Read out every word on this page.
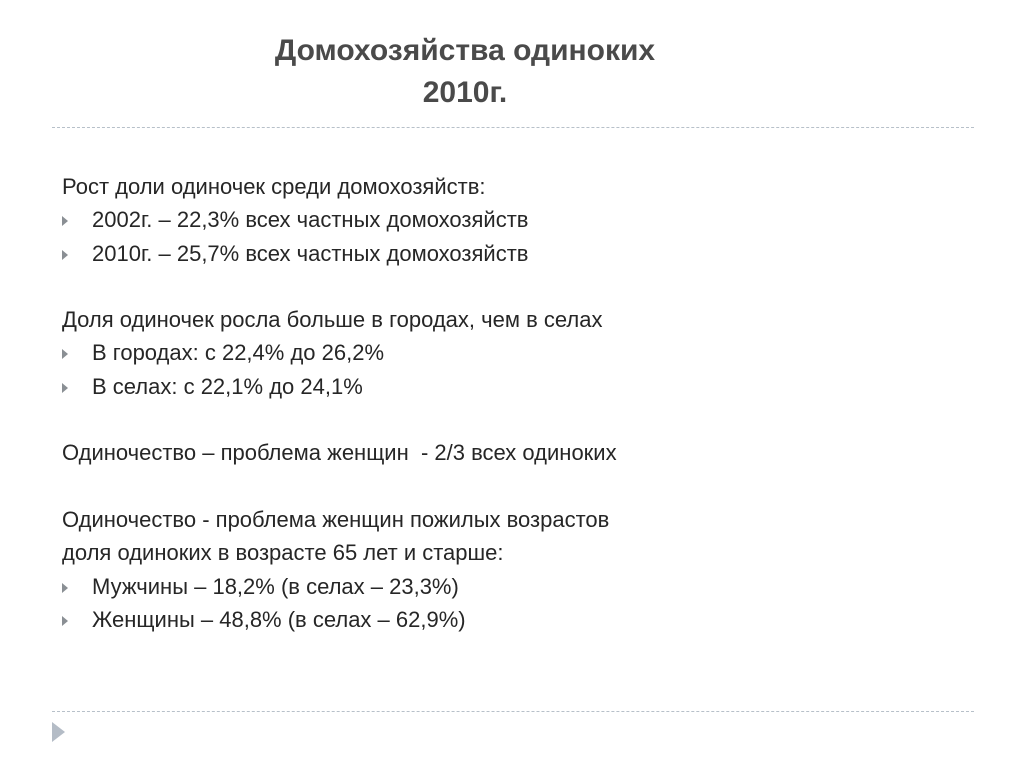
Домохозяйства одиноких
2010г.
Рост доли одиночек среди домохозяйств:
2002г. – 22,3% всех частных домохозяйств
2010г. – 25,7% всех частных домохозяйств
Доля одиночек росла больше в городах, чем в селах
В городах: с 22,4% до 26,2%
В селах: с 22,1% до 24,1%
Одиночество – проблема женщин  - 2/3 всех одиноких
Одиночество - проблема женщин пожилых возрастов
доля одиноких в возрасте 65 лет и старше:
Мужчины – 18,2% (в селах – 23,3%)
Женщины – 48,8% (в селах – 62,9%)
